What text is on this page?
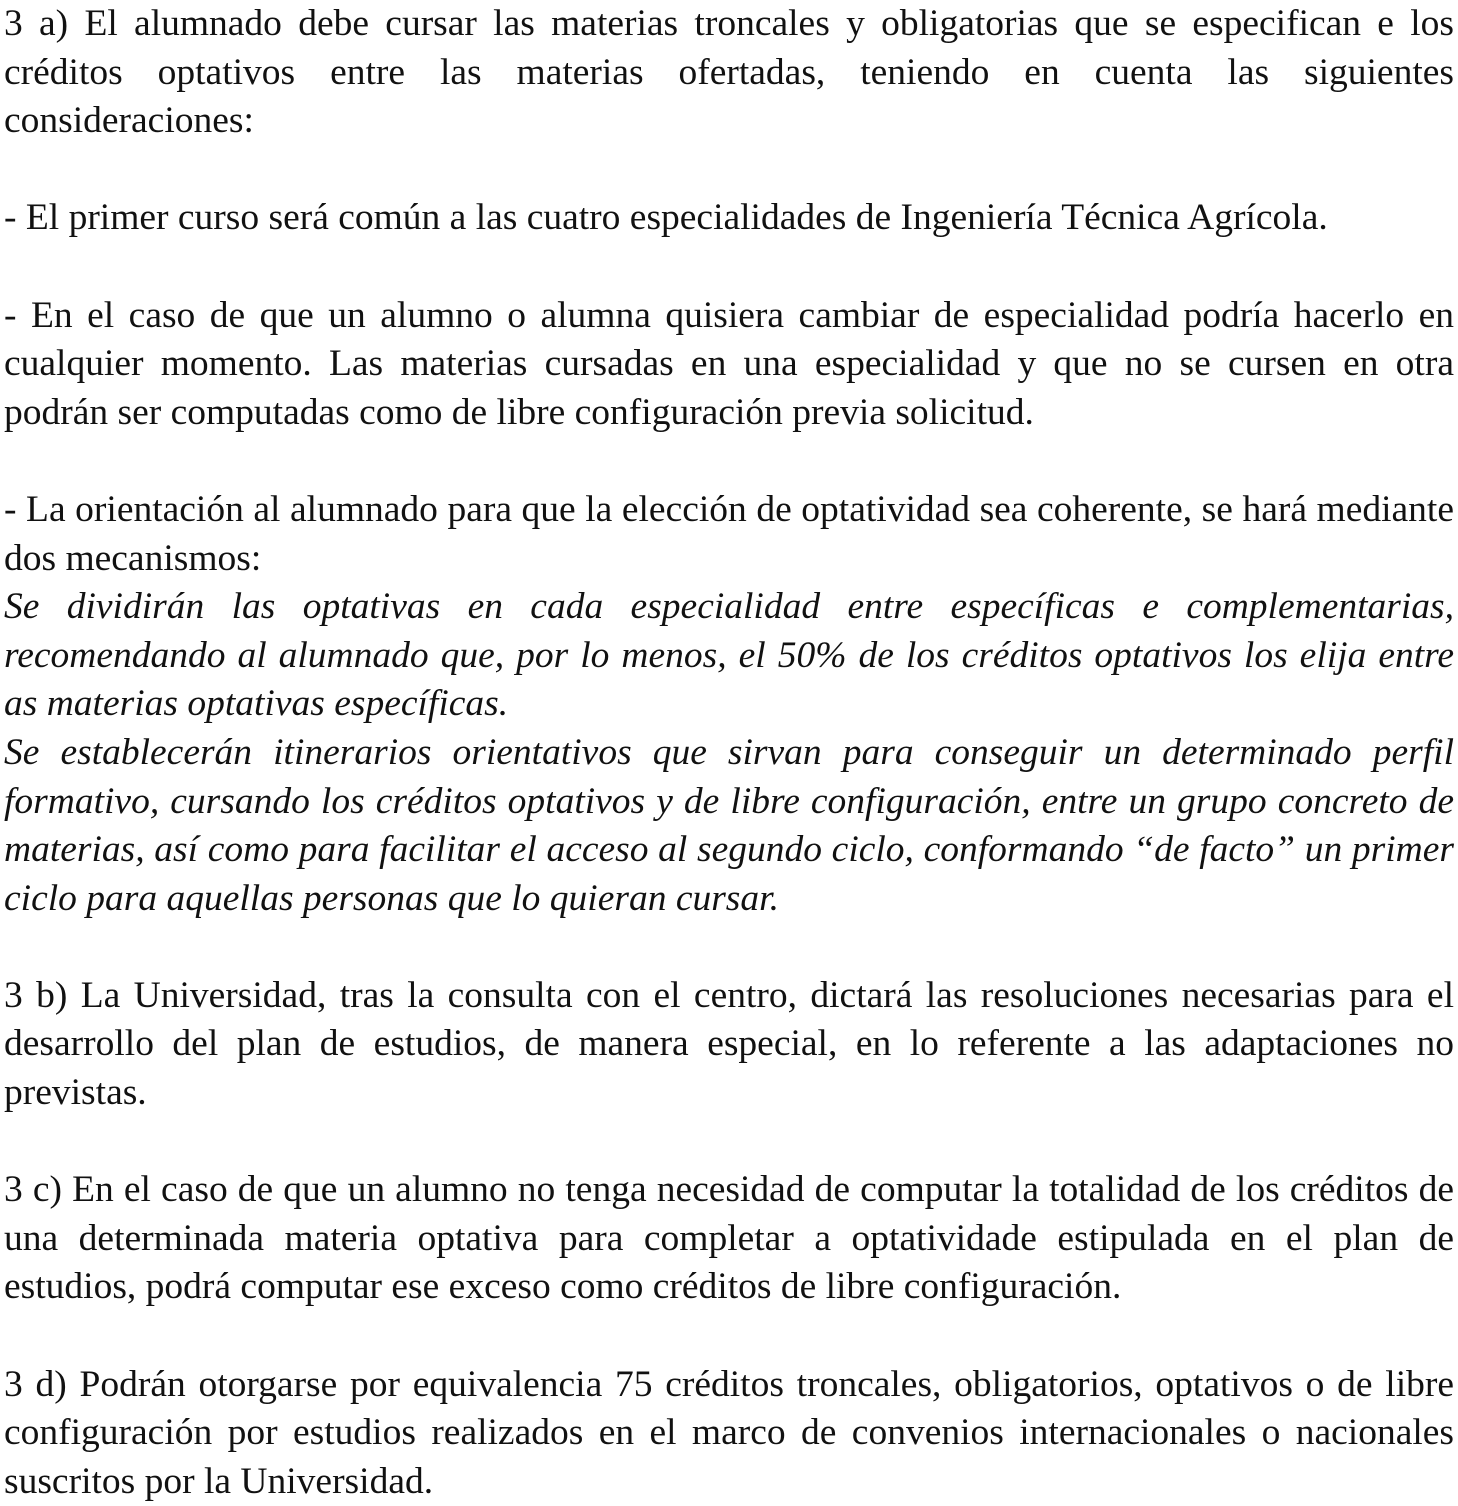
3 a) El alumnado debe cursar las materias troncales y obligatorias que se especifican e los créditos optativos entre las materias ofertadas, teniendo en cuenta las siguientes consideraciones:

- El primer curso será común a las cuatro especialidades de Ingeniería Técnica Agrícola.

- En el caso de que un alumno o alumna quisiera cambiar de especialidad podría hacerlo en cualquier momento. Las materias cursadas en una especialidad y que no se cursen en otra podrán ser computadas como de libre configuración previa solicitud.

- La orientación al alumnado para que la elección de optatividad sea coherente, se hará mediante dos mecanismos:

Se dividirán las optativas en cada especialidad entre específicas e complementarias, recomendando al alumnado que, por lo menos, el 50% de los créditos optativos los elija entre as materias optativas específicas.

Se establecerán itinerarios orientativos que sirvan para conseguir un determinado perfil formativo, cursando los créditos optativos y de libre configuración, entre un grupo concreto de materias, así como para facilitar el acceso al segundo ciclo, conformando “de facto” un primer ciclo para aquellas personas que lo quieran cursar.

3 b) La Universidad, tras la consulta con el centro, dictará las resoluciones necesarias para el desarrollo del plan de estudios, de manera especial, en lo referente a las adaptaciones no previstas.

3 c) En el caso de que un alumno no tenga necesidad de computar la totalidad de los créditos de una determinada materia optativa para completar a optatividade estipulada en el plan de estudios, podrá computar ese exceso como créditos de libre configuración.

3 d) Podrán otorgarse por equivalencia 75 créditos troncales, obligatorios, optativos o de libre configuración por estudios realizados en el marco de convenios internacionales o nacionales suscritos por la Universidad.
